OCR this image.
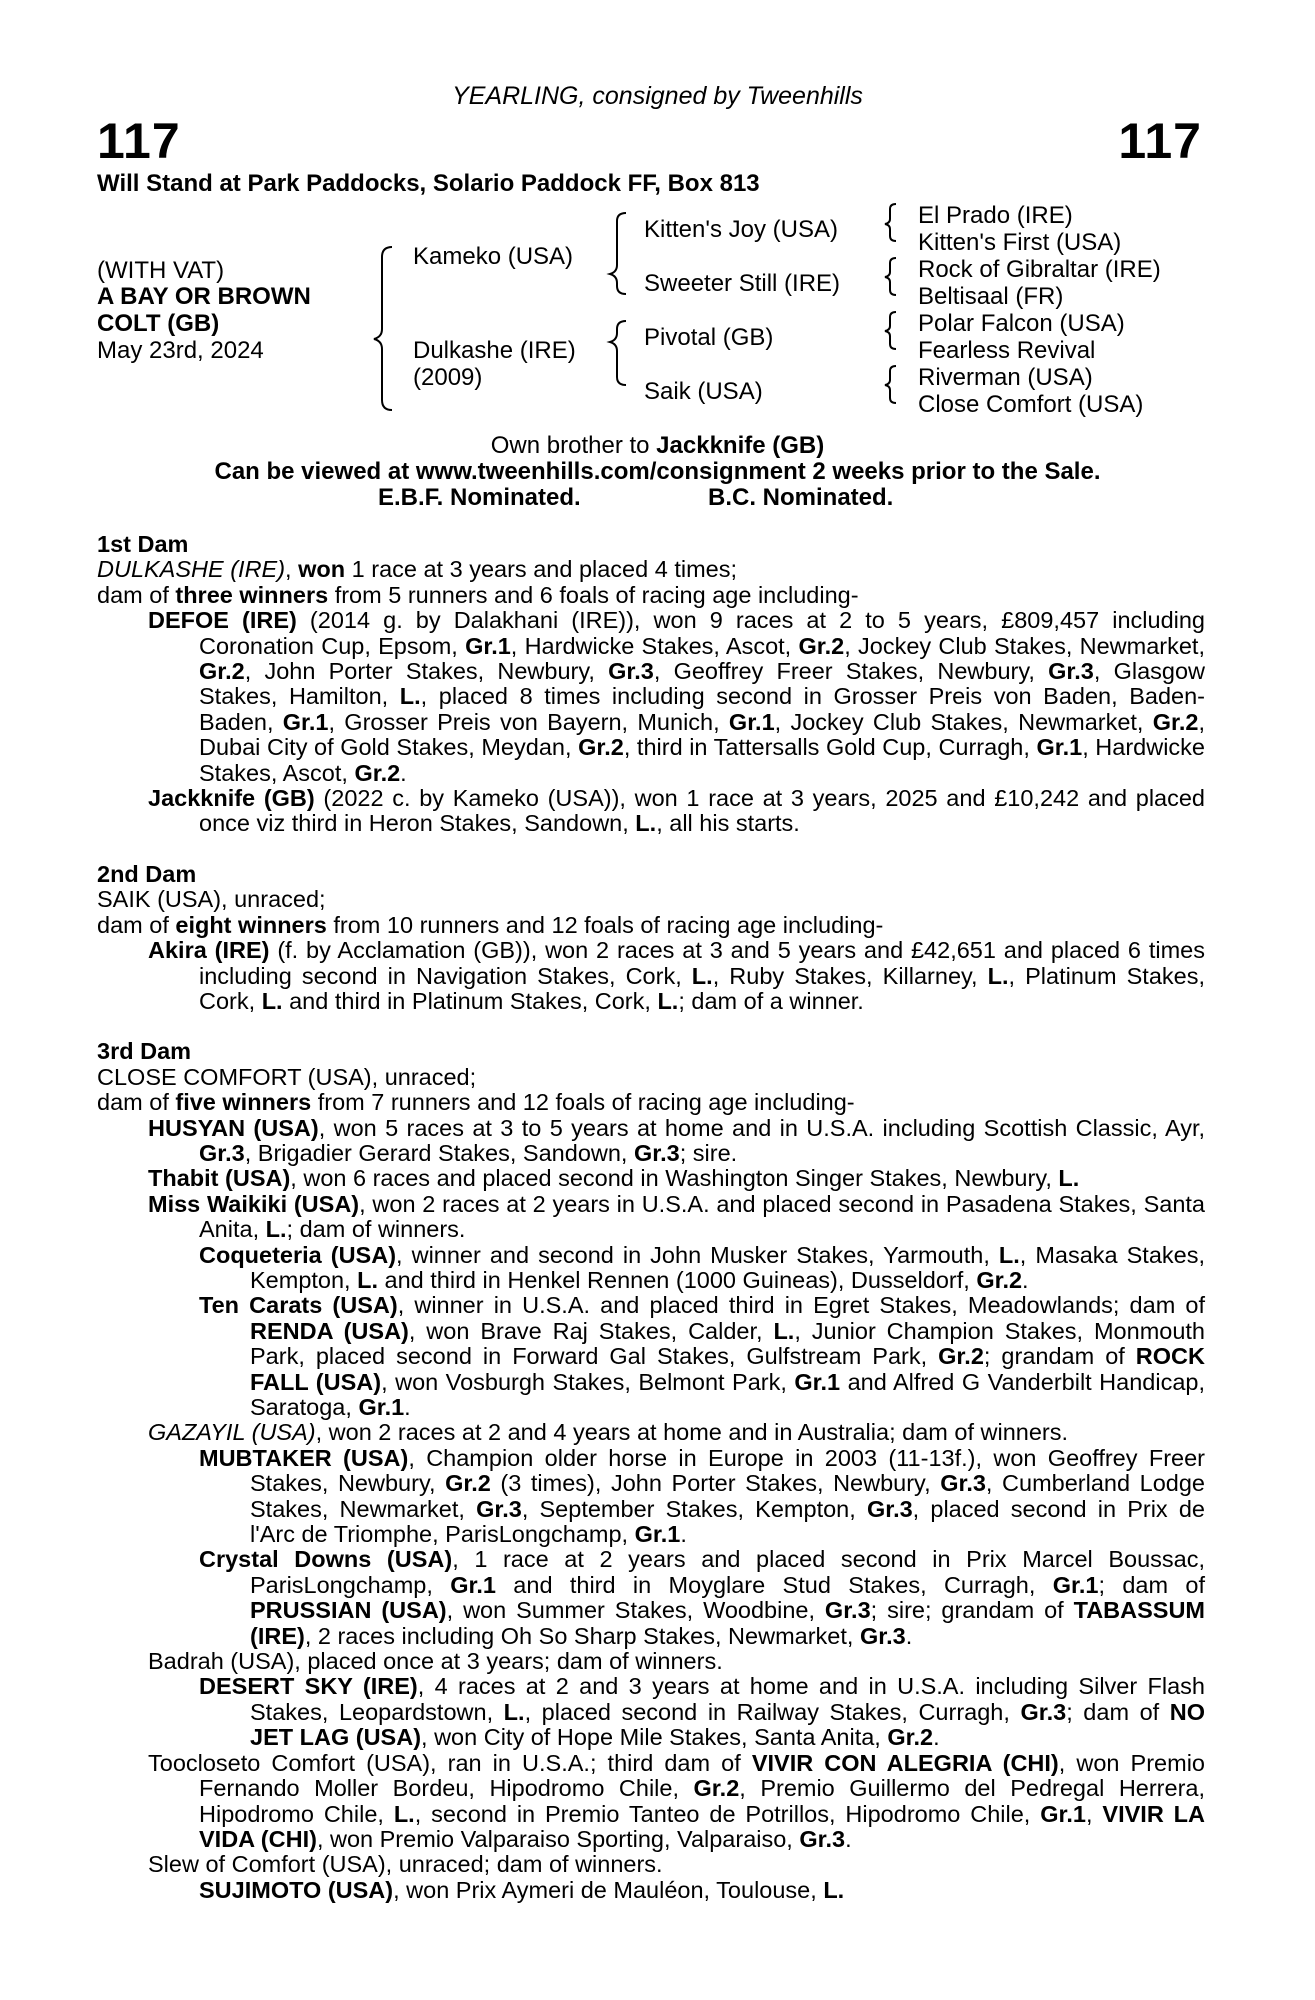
YEARLING, consigned by Tweenhills
117	117
Will Stand at Park Paddocks, Solario Paddock FF, Box 813
(WITH VAT)
A BAY OR BROWN
COLT (GB)
May 23rd, 2024
Kameko (USA)
Dulkashe (IRE)
(2009)
Kitten's Joy (USA)
Sweeter Still (IRE)
Pivotal (GB)
Saik (USA)
El Prado (IRE)
Kitten's First (USA)
Rock of Gibraltar (IRE)
Beltisaal (FR)
Polar Falcon (USA)
Fearless Revival
Riverman (USA)
Close Comfort (USA)
Own brother to Jackknife (GB)
Can be viewed at www.tweenhills.com/consignment 2 weeks prior to the Sale.
E.B.F. Nominated.	B.C. Nominated.

1st Dam

DULKASHE (IRE), won 1 race at 3 years and placed 4 times;

dam of three winners from 5 runners and 6 foals of racing age including-

DEFOE (IRE) (2014 g. by Dalakhani (IRE)), won 9 races at 2 to 5 years, £809,457 including Coronation Cup, Epsom, Gr.1, Hardwicke Stakes, Ascot, Gr.2, Jockey Club Stakes, Newmarket, Gr.2, John Porter Stakes, Newbury, Gr.3, Geoffrey Freer Stakes, Newbury, Gr.3, Glasgow Stakes, Hamilton, L., placed 8 times including second in Grosser Preis von Baden, Baden-Baden, Gr.1, Grosser Preis von Bayern, Munich, Gr.1, Jockey Club Stakes, Newmarket, Gr.2, Dubai City of Gold Stakes, Meydan, Gr.2, third in Tattersalls Gold Cup, Curragh, Gr.1, Hardwicke Stakes, Ascot, Gr.2.

Jackknife (GB) (2022 c. by Kameko (USA)), won 1 race at 3 years, 2025 and £10,242 and placed once viz third in Heron Stakes, Sandown, L., all his starts.

2nd Dam

SAIK (USA), unraced;

dam of eight winners from 10 runners and 12 foals of racing age including-

Akira (IRE) (f. by Acclamation (GB)), won 2 races at 3 and 5 years and £42,651 and placed 6 times including second in Navigation Stakes, Cork, L., Ruby Stakes, Killarney, L., Platinum Stakes, Cork, L. and third in Platinum Stakes, Cork, L.; dam of a winner.

3rd Dam

CLOSE COMFORT (USA), unraced;

dam of five winners from 7 runners and 12 foals of racing age including-

HUSYAN (USA), won 5 races at 3 to 5 years at home and in U.S.A. including Scottish Classic, Ayr, Gr.3, Brigadier Gerard Stakes, Sandown, Gr.3; sire.

Thabit (USA), won 6 races and placed second in Washington Singer Stakes, Newbury, L.

Miss Waikiki (USA), won 2 races at 2 years in U.S.A. and placed second in Pasadena Stakes, Santa Anita, L.; dam of winners.

Coqueteria (USA), winner and second in John Musker Stakes, Yarmouth, L., Masaka Stakes, Kempton, L. and third in Henkel Rennen (1000 Guineas), Dusseldorf, Gr.2.

Ten Carats (USA), winner in U.S.A. and placed third in Egret Stakes, Meadowlands; dam of RENDA (USA), won Brave Raj Stakes, Calder, L., Junior Champion Stakes, Monmouth Park, placed second in Forward Gal Stakes, Gulfstream Park, Gr.2; grandam of ROCK FALL (USA), won Vosburgh Stakes, Belmont Park, Gr.1 and Alfred G Vanderbilt Handicap, Saratoga, Gr.1.

GAZAYIL (USA), won 2 races at 2 and 4 years at home and in Australia; dam of winners.

MUBTAKER (USA), Champion older horse in Europe in 2003 (11-13f.), won Geoffrey Freer Stakes, Newbury, Gr.2 (3 times), John Porter Stakes, Newbury, Gr.3, Cumberland Lodge Stakes, Newmarket, Gr.3, September Stakes, Kempton, Gr.3, placed second in Prix de l'Arc de Triomphe, ParisLongchamp, Gr.1.

Crystal Downs (USA), 1 race at 2 years and placed second in Prix Marcel Boussac, ParisLongchamp, Gr.1 and third in Moyglare Stud Stakes, Curragh, Gr.1; dam of PRUSSIAN (USA), won Summer Stakes, Woodbine, Gr.3; sire; grandam of TABASSUM (IRE), 2 races including Oh So Sharp Stakes, Newmarket, Gr.3.

Badrah (USA), placed once at 3 years; dam of winners.

DESERT SKY (IRE), 4 races at 2 and 3 years at home and in U.S.A. including Silver Flash Stakes, Leopardstown, L., placed second in Railway Stakes, Curragh, Gr.3; dam of NO JET LAG (USA), won City of Hope Mile Stakes, Santa Anita, Gr.2.

Toocloseto Comfort (USA), ran in U.S.A.; third dam of VIVIR CON ALEGRIA (CHI), won Premio Fernando Moller Bordeu, Hipodromo Chile, Gr.2, Premio Guillermo del Pedregal Herrera, Hipodromo Chile, L., second in Premio Tanteo de Potrillos, Hipodromo Chile, Gr.1, VIVIR LA VIDA (CHI), won Premio Valparaiso Sporting, Valparaiso, Gr.3.

Slew of Comfort (USA), unraced; dam of winners.

SUJIMOTO (USA), won Prix Aymeri de Mauléon, Toulouse, L.
